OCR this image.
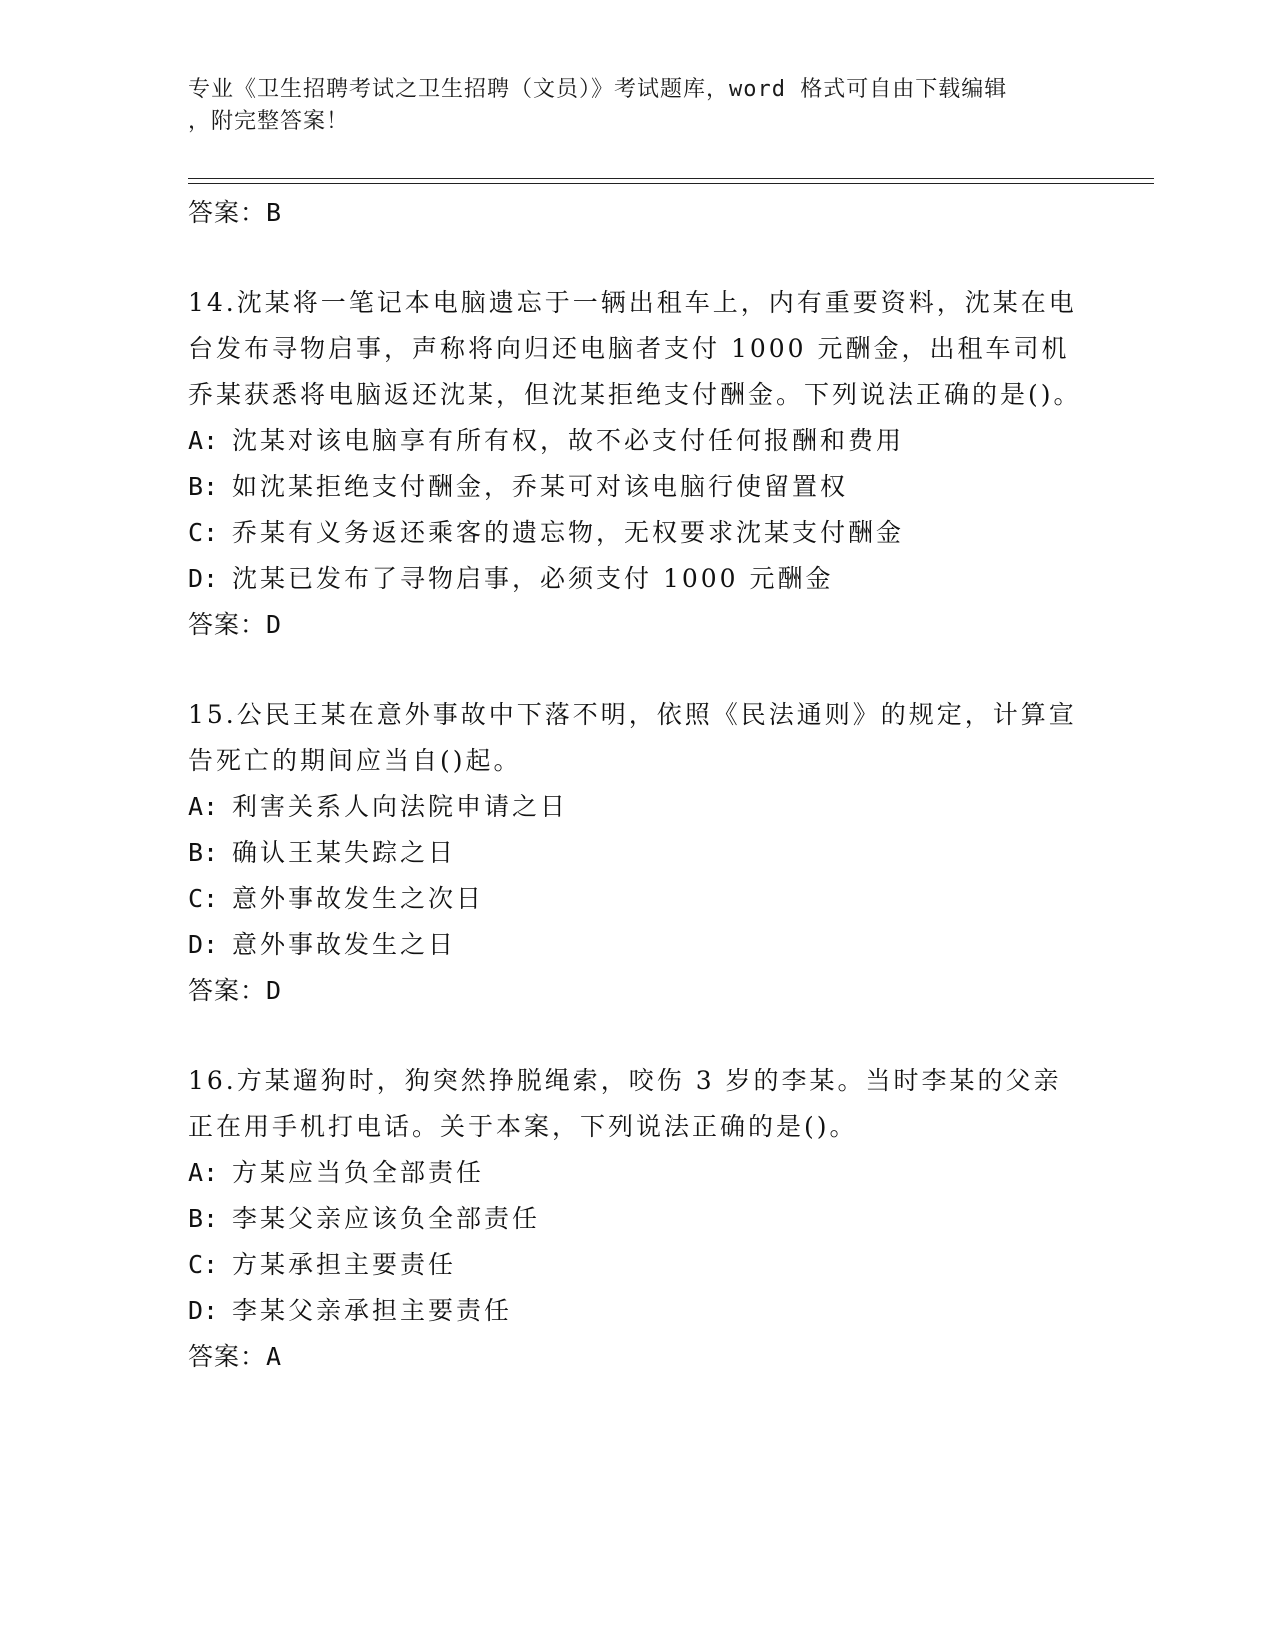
专业《卫生招聘考试之卫生招聘（文员）》考试题库，word 格式可自由下载编辑
，附完整答案！
答案：B
14.沈某将一笔记本电脑遗忘于一辆出租车上，内有重要资料，沈某在电台发布寻物启事，声称将向归还电脑者支付 1000 元酬金，出租车司机乔某获悉将电脑返还沈某，但沈某拒绝支付酬金。下列说法正确的是()。
A: 沈某对该电脑享有所有权，故不必支付任何报酬和费用
B: 如沈某拒绝支付酬金，乔某可对该电脑行使留置权
C: 乔某有义务返还乘客的遗忘物，无权要求沈某支付酬金
D: 沈某已发布了寻物启事，必须支付 1000 元酬金
答案：D
15.公民王某在意外事故中下落不明，依照《民法通则》的规定，计算宣告死亡的期间应当自()起。
A: 利害关系人向法院申请之日
B: 确认王某失踪之日
C: 意外事故发生之次日
D: 意外事故发生之日
答案：D
16.方某遛狗时，狗突然挣脱绳索，咬伤 3 岁的李某。当时李某的父亲正在用手机打电话。关于本案，下列说法正确的是()。
A: 方某应当负全部责任
B: 李某父亲应该负全部责任
C: 方某承担主要责任
D: 李某父亲承担主要责任
答案：A
